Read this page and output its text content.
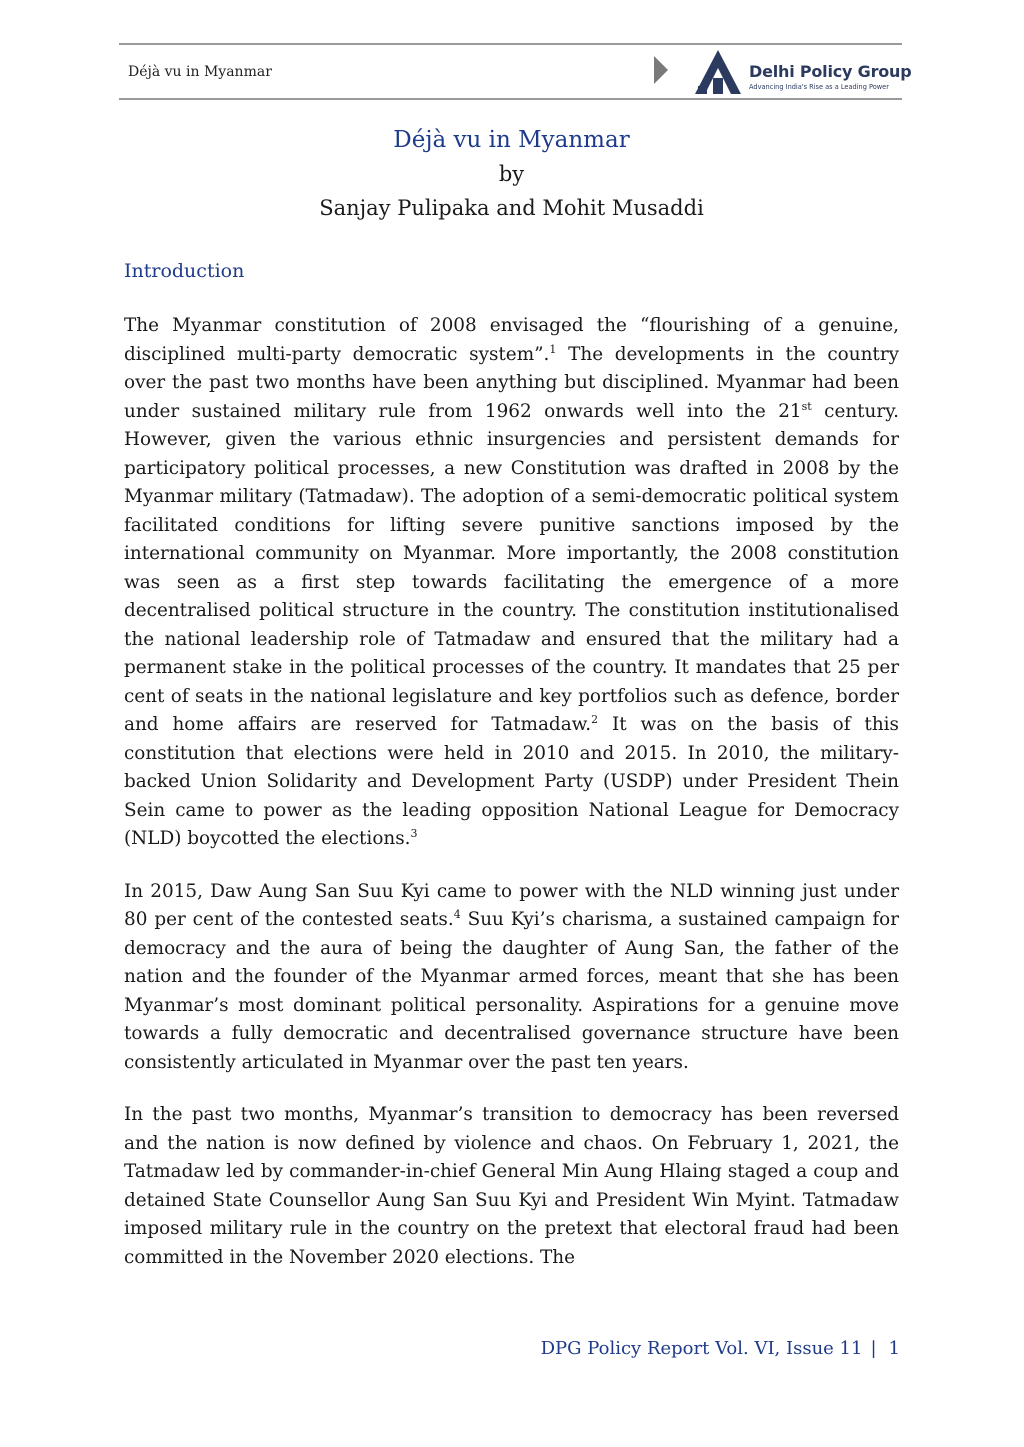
Déjà vu in Myanmar	Delhi Policy Group
Advancing India's Rise as a Leading Power
Déjà vu in Myanmar
by
Sanjay Pulipaka and Mohit Musaddi
Introduction

The Myanmar constitution of 2008 envisaged the “flourishing of a genuine, disciplined multi-party democratic system”.$^1$ The developments in the country over the past two months have been anything but disciplined. Myanmar had been under sustained military rule from 1962 onwards well into the 21st century. However, given the various ethnic insurgencies and persistent demands for participatory political processes, a new Constitution was drafted in 2008 by the Myanmar military (Tatmadaw). The adoption of a semi-democratic political system facilitated conditions for lifting severe punitive sanctions imposed by the international community on Myanmar. More importantly, the 2008 constitution was seen as a first step towards facilitating the emergence of a more decentralised political structure in the country. The constitution institutionalised the national leadership role of Tatmadaw and ensured that the military had a permanent stake in the political processes of the country. It mandates that 25 per cent of seats in the national legislature and key portfolios such as defence, border and home affairs are reserved for Tatmadaw.$^2$ It was on the basis of this constitution that elections were held in 2010 and 2015. In 2010, the military-backed Union Solidarity and Development Party (USDP) under President Thein Sein came to power as the leading opposition National League for Democracy (NLD) boycotted the elections.$^3$

In 2015, Daw Aung San Suu Kyi came to power with the NLD winning just under 80 per cent of the contested seats.$^4$ Suu Kyi’s charisma, a sustained campaign for democracy and the aura of being the daughter of Aung San, the father of the nation and the founder of the Myanmar armed forces, meant that she has been Myanmar’s most dominant political personality. Aspirations for a genuine move towards a fully democratic and decentralised governance structure have been consistently articulated in Myanmar over the past ten years.

In the past two months, Myanmar’s transition to democracy has been reversed and the nation is now defined by violence and chaos. On February 1, 2021, the Tatmadaw led by commander-in-chief General Min Aung Hlaing staged a coup and detained State Counsellor Aung San Suu Kyi and President Win Myint. Tatmadaw imposed military rule in the country on the pretext that electoral fraud had been committed in the November 2020 elections. The

DPG Policy Report Vol. VI, Issue 11 | 1
